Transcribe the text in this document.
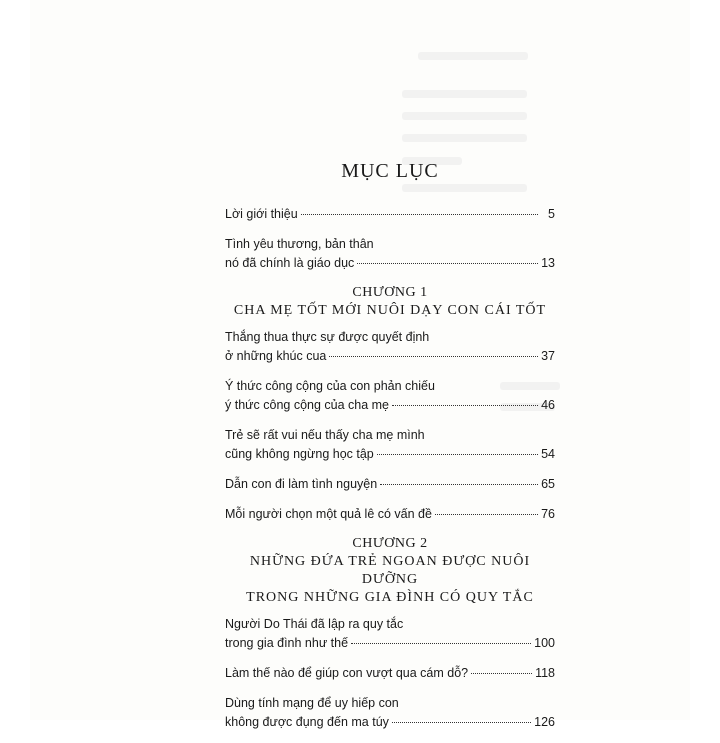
MỤC LỤC
Lời giới thiệu	5
Tình yêu thương, bản thân
nó đã chính là giáo dục	13
CHƯƠNG 1
CHA MẸ TỐT MỚI NUÔI DẠY CON CÁI TỐT
Thắng thua thực sự được quyết định
ở những khúc cua	37
Ý thức công cộng của con phản chiếu
ý thức công cộng của cha mẹ	46
Trẻ sẽ rất vui nếu thấy cha mẹ mình
cũng không ngừng học tập	54
Dẫn con đi làm tình nguyện	65
Mỗi người chọn một quả lê có vấn đề	76
CHƯƠNG 2
NHỮNG ĐỨA TRẺ NGOAN ĐƯỢC NUÔI DƯỠNG
TRONG NHỮNG GIA ĐÌNH CÓ QUY TẮC
Người Do Thái đã lập ra quy tắc
trong gia đình như thế	100
Làm thế nào để giúp con vượt qua cám dỗ?	118
Dùng tính mạng để uy hiếp con
không được đụng đến ma túy	126
